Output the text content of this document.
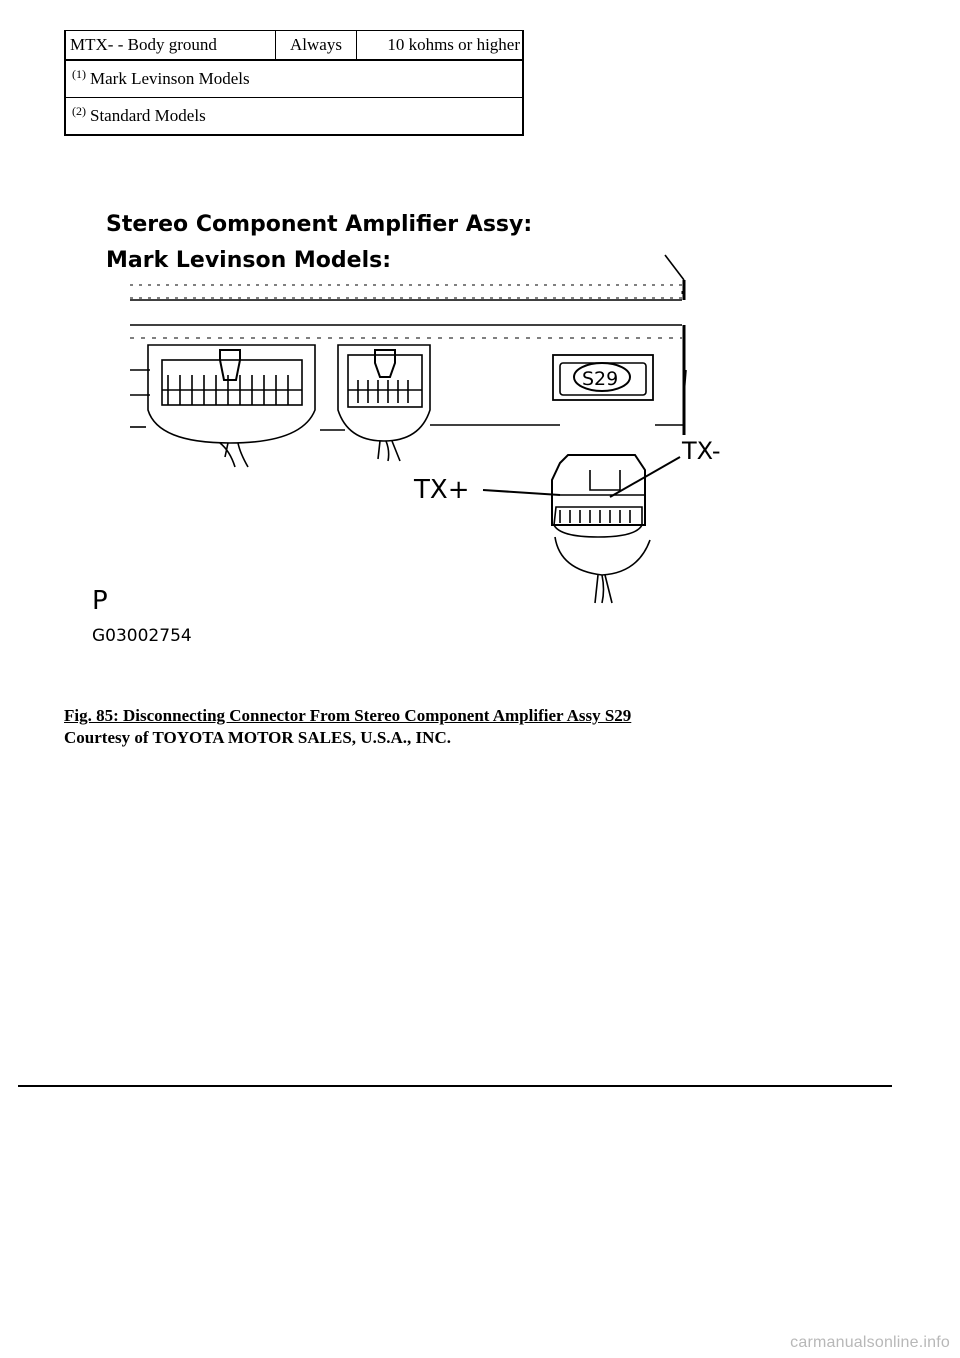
MTX- - Body ground	Always	10 kohms or higher
(1) Mark Levinson Models
(2) Standard Models
Stereo Component Amplifier Assy:
Mark Levinson Models:
S29
TX+
TX-
P
G03002754
Fig. 85: Disconnecting Connector From Stereo Component Amplifier Assy S29
Courtesy of TOYOTA MOTOR SALES, U.S.A., INC.
carmanualsonline.info
